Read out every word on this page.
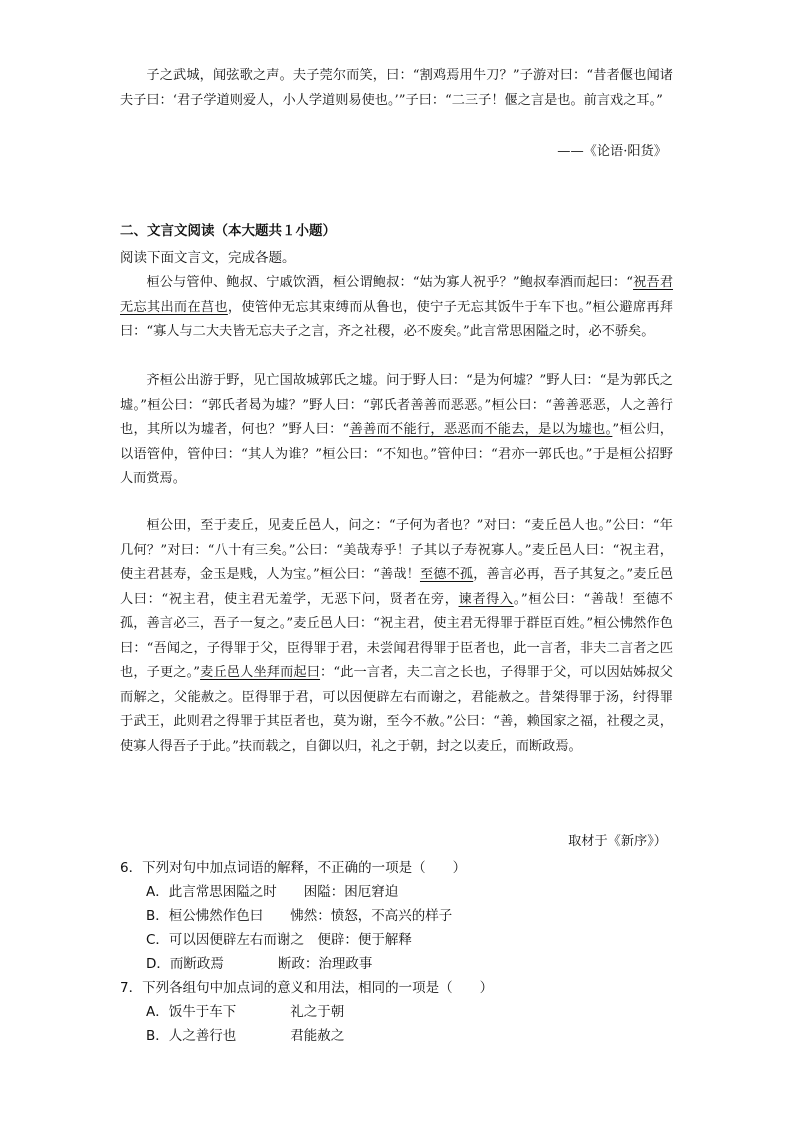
子之武城，闻弦歌之声。夫子莞尔而笑，曰：“割鸡焉用牛刀？”子游对曰：“昔者偃也闻诸夫子曰：‘君子学道则爱人，小人学道则易使也。’”子曰：“二三子！偃之言是也。前言戏之耳。”
——《论语·阳货》
二、文言文阅读（本大题共１小题）
阅读下面文言文，完成各题。
桓公与管仲、鲍叔、宁戚饮酒，桓公谓鲍叔：“姑为寡人祝乎？”鲍叔奉酒而起曰：“祝吾君无忘其出而在莒也，使管仲无忘其束缚而从鲁也，使宁子无忘其饭牛于车下也。”桓公避席再拜曰：“寡人与二大夫皆无忘夫子之言，齐之社稷，必不废矣。”此言常思困隘之时，必不骄矣。
齐桓公出游于野，见亡国故城郭氏之墟。问于野人曰：“是为何墟？”野人曰：“是为郭氏之墟。”桓公曰：“郭氏者曷为墟？”野人曰：“郭氏者善善而恶恶。”桓公曰：“善善恶恶，人之善行也，其所以为墟者，何也？”野人曰：“善善而不能行，恶恶而不能去，是以为墟也。”桓公归，以语管仲，管仲曰：“其人为谁？”桓公曰：“不知也。”管仲曰：“君亦一郭氏也。”于是桓公招野人而赏焉。
桓公田，至于麦丘，见麦丘邑人，问之：“子何为者也？”对曰：“麦丘邑人也。”公曰：“年几何？”对曰：“八十有三矣。”公曰：“美哉寿乎！子其以子寿祝寡人。”麦丘邑人曰：“祝主君，使主君甚寿，金玉是贱，人为宝。”桓公曰：“善哉！至德不孤，善言必再，吾子其复之。”麦丘邑人曰：“祝主君，使主君无羞学，无恶下问，贤者在旁，谏者得入。”桓公曰：“善哉！至德不孤，善言必三，吾子一复之。”麦丘邑人曰：“祝主君，使主君无得罪于群臣百姓。”桓公怫然作色曰：“吾闻之，子得罪于父，臣得罪于君，未尝闻君得罪于臣者也，此一言者，非夫二言者之匹也，子更之。”麦丘邑人坐拜而起曰：“此一言者，夫二言之长也，子得罪于父，可以因姑姊叔父而解之，父能赦之。臣得罪于君，可以因便辟左右而谢之，君能赦之。昔桀得罪于汤，纣得罪于武王，此则君之得罪于其臣者也，莫为谢，至今不赦。”公曰：“善，赖国家之福，社稷之灵，使寡人得吾子于此。”扶而载之，自御以归，礼之于朝，封之以麦丘，而断政焉。
取材于《新序》）
6．下列对句中加点词语的解释，不正确的一项是（　　）
A．此言常思困隘之时　　困隘：困厄窘迫
B．桓公怫然作色曰　　怫然：愤怒，不高兴的样子
C．可以因便辟左右而谢之　便辟：便于解释
D．而断政焉　　　　断政：治理政事
7．下列各组句中加点词的意义和用法，相同的一项是（　　）
A．饭牛于车下　　　　礼之于朝
B．人之善行也　　　　君能赦之
